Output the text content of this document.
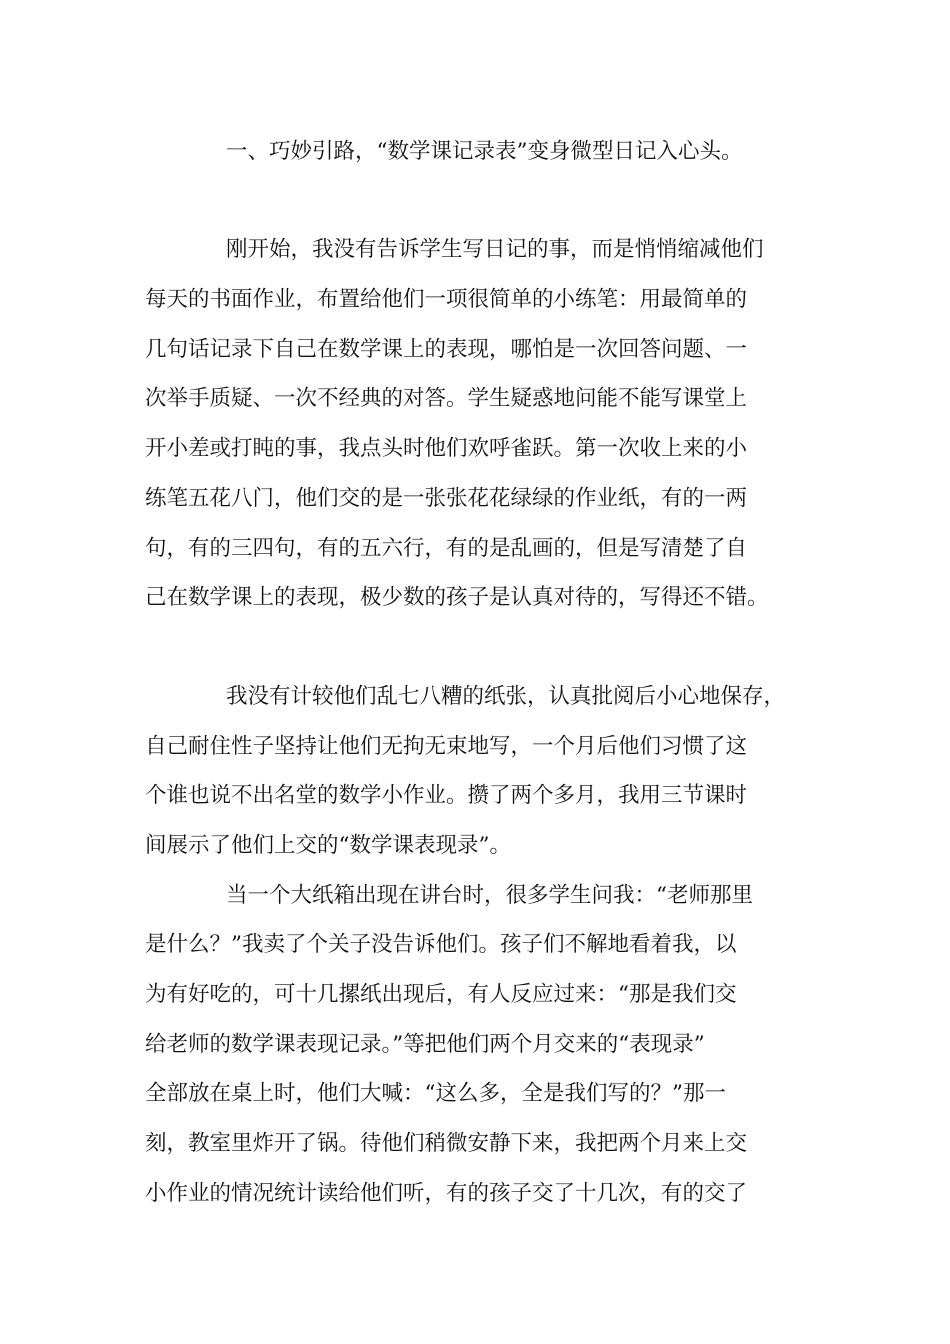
一、巧妙引路，“数学课记录表”变身微型日记入心头。
刚开始，我没有告诉学生写日记的事，而是悄悄缩减他们
每天的书面作业，布置给他们一项很简单的小练笔：用最简单的
几句话记录下自己在数学课上的表现，哪怕是一次回答问题、一
次举手质疑、一次不经典的对答。学生疑惑地问能不能写课堂上
开小差或打盹的事，我点头时他们欢呼雀跃。第一次收上来的小
练笔五花八门，他们交的是一张张花花绿绿的作业纸，有的一两
句，有的三四句，有的五六行，有的是乱画的，但是写清楚了自
己在数学课上的表现，极少数的孩子是认真对待的，写得还不错。
我没有计较他们乱七八糟的纸张，认真批阅后小心地保存，
自己耐住性子坚持让他们无拘无束地写，一个月后他们习惯了这
个谁也说不出名堂的数学小作业。攒了两个多月，我用三节课时
间展示了他们上交的“数学课表现录”。
当一个大纸箱出现在讲台时，很多学生问我：“老师那里
是什么？”我卖了个关子没告诉他们。孩子们不解地看着我，以
为有好吃的，可十几摞纸出现后，有人反应过来：“那是我们交
给老师的数学课表现记录。”等把他们两个月交来的“表现录”
全部放在桌上时，他们大喊：“这么多，全是我们写的？”那一
刻，教室里炸开了锅。待他们稍微安静下来，我把两个月来上交
小作业的情况统计读给他们听，有的孩子交了十几次，有的交了
